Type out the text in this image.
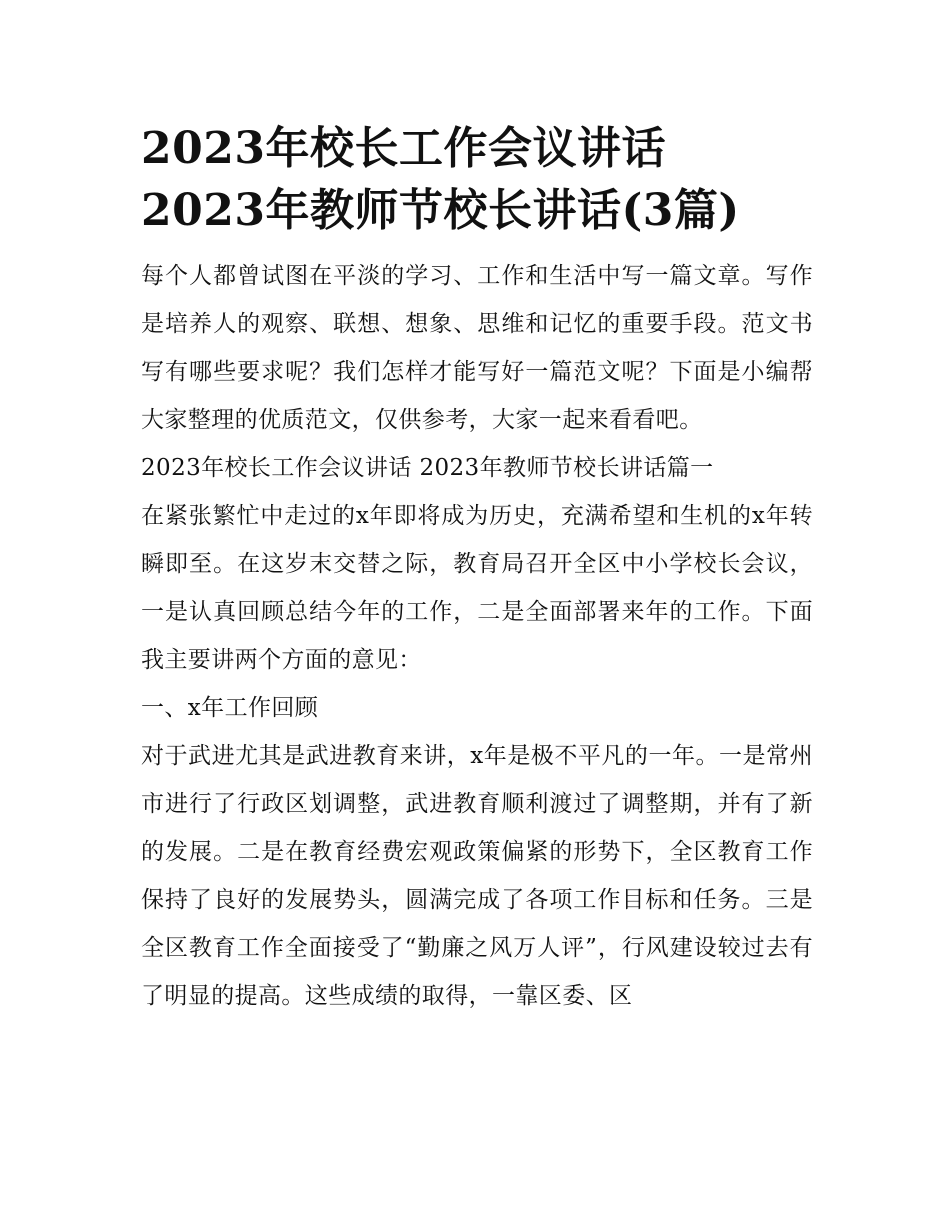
2023年校长工作会议讲话
2023年教师节校长讲话(3篇)

每个人都曾试图在平淡的学习、工作和生活中写一篇文章。写作是培养人的观察、联想、想象、思维和记忆的重要手段。范文书写有哪些要求呢？我们怎样才能写好一篇范文呢？下面是小编帮大家整理的优质范文，仅供参考，大家一起来看看吧。

2023年校长工作会议讲话 2023年教师节校长讲话篇一

在紧张繁忙中走过的x年即将成为历史，充满希望和生机的x年转瞬即至。在这岁末交替之际，教育局召开全区中小学校长会议，一是认真回顾总结今年的工作，二是全面部署来年的工作。下面我主要讲两个方面的意见：

一、x年工作回顾

对于武进尤其是武进教育来讲，x年是极不平凡的一年。一是常州市进行了行政区划调整，武进教育顺利渡过了调整期，并有了新的发展。二是在教育经费宏观政策偏紧的形势下，全区教育工作保持了良好的发展势头，圆满完成了各项工作目标和任务。三是全区教育工作全面接受了“勤廉之风万人评”，行风建设较过去有了明显的提高。这些成绩的取得，一靠区委、区
